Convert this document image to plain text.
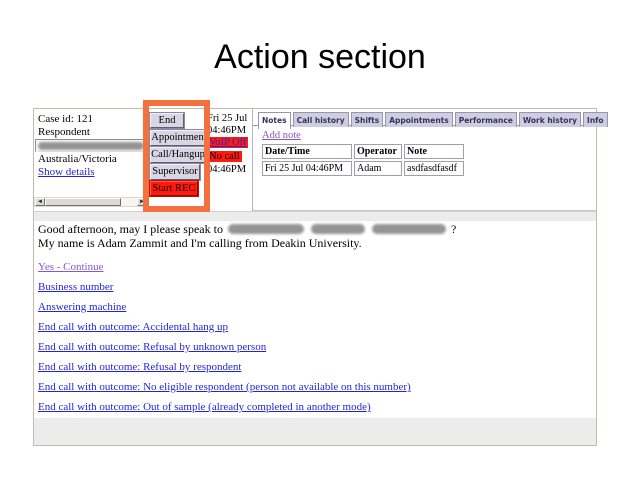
Action section
Case id: 121
Respondent
Australia/Victoria
Show details
◄	►
End
Appointment
Call/Hangup
Supervisor
Start REC
Fri 25 Jul
04:46PM
VoIP Off
No call
04:46PM
Notes	Call history	Shifts	Appointments	Performance	Work history	Info
Add note
Date/Time	Operator	Note
Fri 25 Jul 04:46PM	Adam	asdfasdfasdf
Good afternoon, may I please speak to	?
My name is Adam Zammit and I'm calling from Deakin University.
Yes - Continue
Business number
Answering machine
End call with outcome: Accidental hang up
End call with outcome: Refusal by unknown person
End call with outcome: Refusal by respondent
End call with outcome: No eligible respondent (person not available on this number)
End call with outcome: Out of sample (already completed in another mode)
